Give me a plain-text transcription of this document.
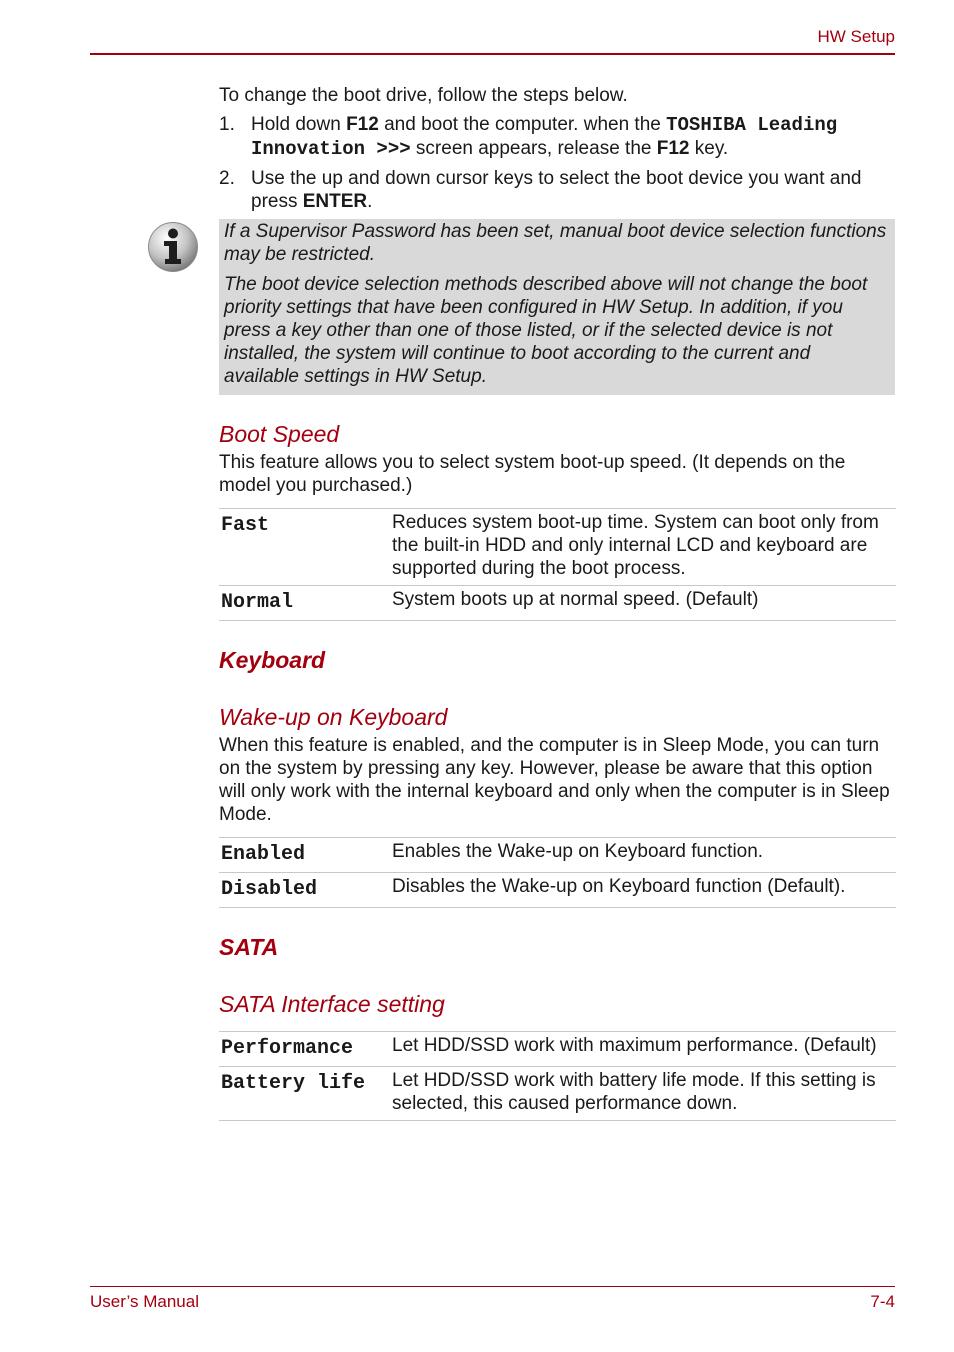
HW Setup

To change the boot drive, follow the steps below.

1. Hold down F12 and boot the computer. when the TOSHIBA Leading Innovation >>> screen appears, release the F12 key.
2. Use the up and down cursor keys to select the boot device you want and press ENTER.

If a Supervisor Password has been set, manual boot device selection functions may be restricted.

The boot device selection methods described above will not change the boot priority settings that have been configured in HW Setup. In addition, if you press a key other than one of those listed, or if the selected device is not installed, the system will continue to boot according to the current and available settings in HW Setup.

Boot Speed

This feature allows you to select system boot-up speed. (It depends on the model you purchased.)

Fast	Reduces system boot-up time. System can boot only from the built-in HDD and only internal LCD and keyboard are supported during the boot process.
Normal	System boots up at normal speed. (Default)
Keyboard
Wake-up on Keyboard

When this feature is enabled, and the computer is in Sleep Mode, you can turn on the system by pressing any key. However, please be aware that this option will only work with the internal keyboard and only when the computer is in Sleep Mode.

Enabled	Enables the Wake-up on Keyboard function.
Disabled	Disables the Wake-up on Keyboard function (Default).
SATA
SATA Interface setting
Performance	Let HDD/SSD work with maximum performance. (Default)
Battery life	Let HDD/SSD work with battery life mode. If this setting is selected, this caused performance down.
User’s Manual	7-4
